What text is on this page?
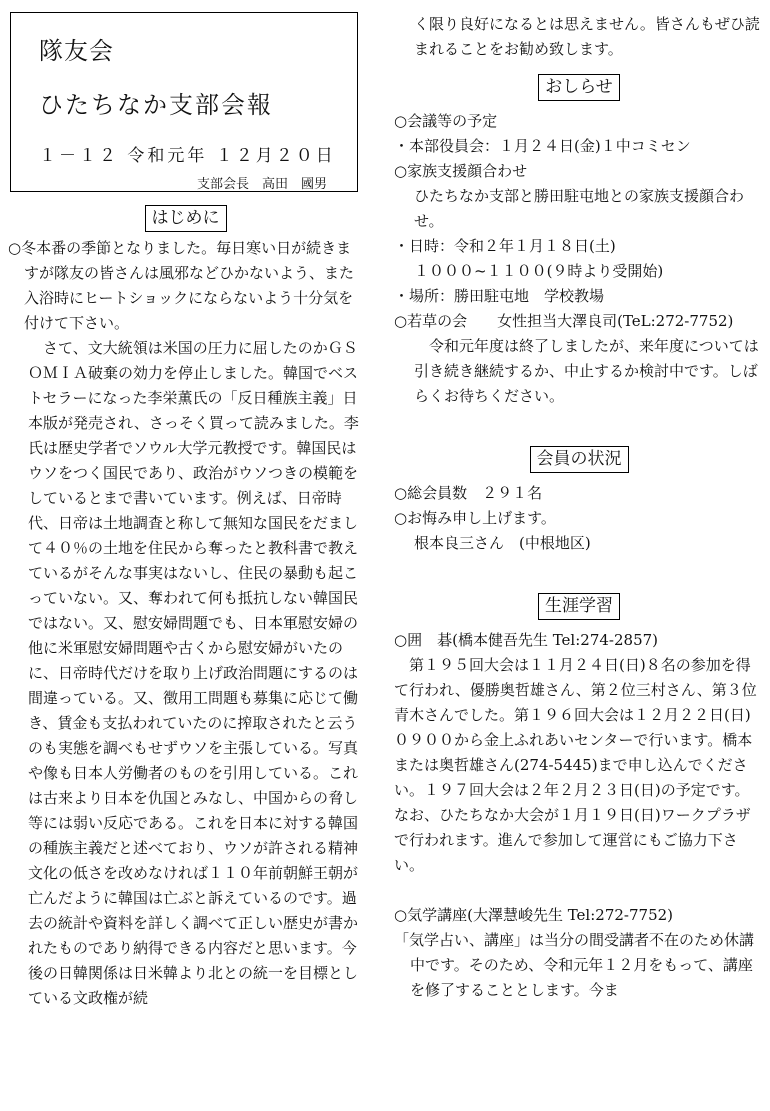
隊友会
ひたちなか支部会報
１－１２ 令和元年 １２月２０日
支部会長　高田　國男

はじめに

○冬本番の季節となりました。毎日寒い日が続きますが隊友の皆さんは風邪などひかないよう、また入浴時にヒートショックにならないよう十分気を付けて下さい。

　さて、文大統領は米国の圧力に屈したのかＧＳＯＭＩＡ破棄の効力を停止しました。韓国でベストセラーになった李栄薫氏の「反日種族主義」日本版が発売され、さっそく買って読みました。李氏は歴史学者でソウル大学元教授です。韓国民はウソをつく国民であり、政治がウソつきの模範をしているとまで書いています。例えば、日帝時代、日帝は土地調査と称して無知な国民をだまして４０％の土地を住民から奪ったと教科書で教えているがそんな事実はないし、住民の暴動も起こっていない。又、奪われて何も抵抗しない韓国民ではない。又、慰安婦問題でも、日本軍慰安婦の他に米軍慰安婦問題や古くから慰安婦がいたのに、日帝時代だけを取り上げ政治問題にするのは間違っている。又、徴用工問題も募集に応じて働き、賃金も支払われていたのに搾取されたと云うのも実態を調べもせずウソを主張している。写真や像も日本人労働者のものを引用している。これは古来より日本を仇国とみなし、中国からの脅し等には弱い反応である。これを日本に対する韓国の種族主義だと述べており、ウソが許される精神文化の低さを改めなければ１１０年前朝鮮王朝が亡んだように韓国は亡ぶと訴えているのです。過去の統計や資料を詳しく調べて正しい歴史が書かれたものであり納得できる内容だと思います。今後の日韓関係は日米韓より北との統一を目標としている文政権が続

く限り良好になるとは思えません。皆さんもぜひ読まれることをお勧め致します。

おしらせ

○会議等の予定

・本部役員会：１月２４日(金)１中コミセン

○家族支援顔合わせ

ひたちなか支部と勝田駐屯地との家族支援顔合わせ。

・日時：令和２年１月１８日(土)

１０００~１１００(９時より受開始)

・場所：勝田駐屯地　学校教場

○若草の会　　女性担当大澤良司(TeL:272-7752)

　令和元年度は終了しましたが、来年度については引き続き継続するか、中止するか検討中です。しばらくお待ちください。

会員の状況

○総会員数　２９１名

○お悔み申し上げます。

根本良三さん　(中根地区)

生涯学習

○囲　碁(橋本健吾先生 Tel:274-2857)

　第１９５回大会は１１月２４日(日)８名の参加を得て行われ、優勝奥哲雄さん、第２位三村さん、第３位青木さんでした。第１９６回大会は１２月２２日(日)０９００から金上ふれあいセンターで行います。橋本または奥哲雄さん(274-5445)まで申し込んでください。１９７回大会は２年２月２３日(日)の予定です。

なお、ひたちなか大会が１月１９日(日)ワークプラザで行われます。進んで参加して運営にもご協力下さい。

○気学講座(大澤慧峻先生 Tel:272-7752)

「気学占い、講座」は当分の間受講者不在のため休講中です。そのため、令和元年１２月をもって、講座を修了することとします。今ま
